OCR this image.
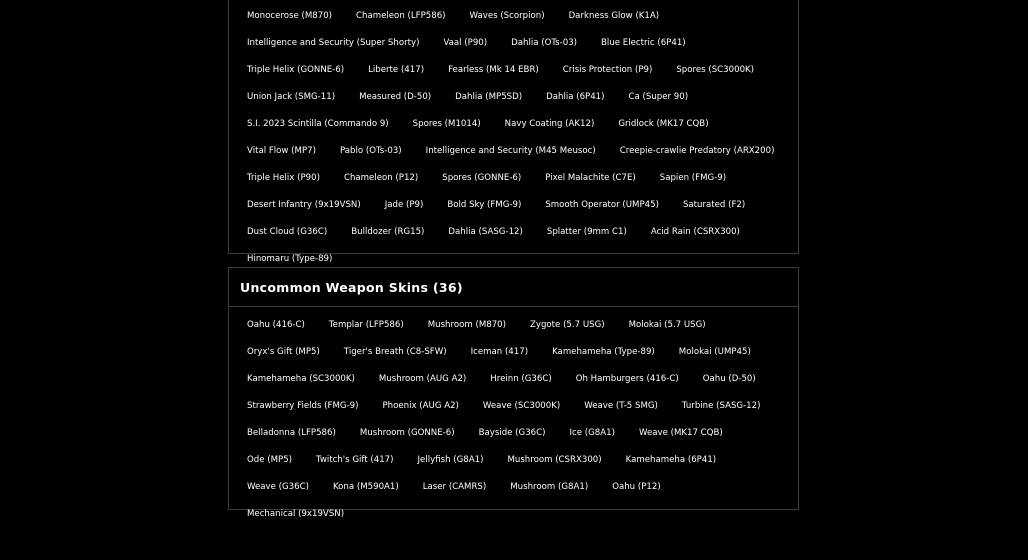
Monocerose (M870)	Chameleon (LFP586)	Waves (Scorpion)	Darkness Glow (K1A)
Intelligence and Security (Super Shorty)	Vaal (P90)	Dahlia (OTs-03)	Blue Electric (6P41)
Triple Helix (GONNE-6)	Liberte (417)	Fearless (Mk 14 EBR)	Crisis Protection (P9)	Spores (SC3000K)
Union Jack (SMG-11)	Measured (D-50)	Dahlia (MP5SD)	Dahlia (6P41)	Ca (Super 90)
S.I. 2023 Scintilla (Commando 9)	Spores (M1014)	Navy Coating (AK12)	Gridlock (MK17 CQB)
Vital Flow (MP7)	Pablo (OTs-03)	Intelligence and Security (M45 Meusoc)	Creepie-crawlie Predatory (ARX200)
Triple Helix (P90)	Chameleon (P12)	Spores (GONNE-6)	Pixel Malachite (C7E)	Sapien (FMG-9)
Desert Infantry (9x19VSN)	Jade (P9)	Bold Sky (FMG-9)	Smooth Operator (UMP45)	Saturated (F2)
Dust Cloud (G36C)	Bulldozer (RG15)	Dahlia (SASG-12)	Splatter (9mm C1)	Acid Rain (CSRX300)
Hinomaru (Type-89)
Uncommon Weapon Skins (36)
Oahu (416-C)	Templar (LFP586)	Mushroom (M870)	Zygote (5.7 USG)	Molokai (5.7 USG)
Oryx's Gift (MP5)	Tiger's Breath (C8-SFW)	Iceman (417)	Kamehameha (Type-89)	Molokai (UMP45)
Kamehameha (SC3000K)	Mushroom (AUG A2)	Hreinn (G36C)	Oh Hamburgers (416-C)	Oahu (D-50)
Strawberry Fields (FMG-9)	Phoenix (AUG A2)	Weave (SC3000K)	Weave (T-5 SMG)	Turbine (SASG-12)
Belladonna (LFP586)	Mushroom (GONNE-6)	Bayside (G36C)	Ice (G8A1)	Weave (MK17 CQB)
Ode (MP5)	Twitch's Gift (417)	Jellyfish (G8A1)	Mushroom (CSRX300)	Kamehameha (6P41)
Weave (G36C)	Kona (M590A1)	Laser (CAMRS)	Mushroom (G8A1)	Oahu (P12)
Mechanical (9x19VSN)
